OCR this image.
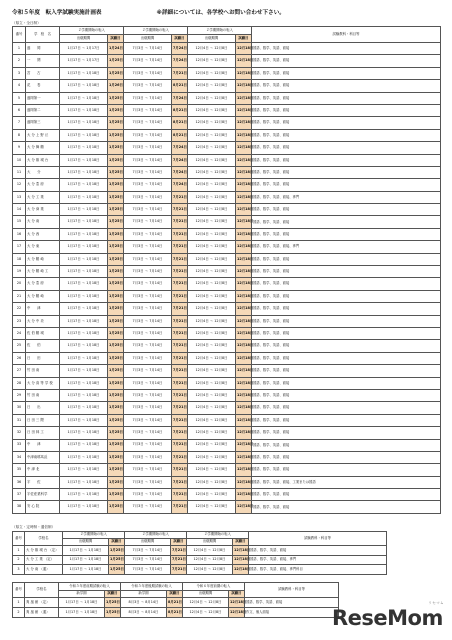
令和５年度　転入学試験実施計画表	※詳細については、各学校へお問い合わせ下さい。
（県立・全日制）
番号	学　校　名	２学期開始の転入		２学期開始の転入		２学期開始の転入		試験教科・科目等
		出願期間	試験日	出願期間	試験日	出願期間	試験日	
1	盛　　岡	1月17日 ～ 1月17日	1月24日	7月3日 ～ 7月14日	7月24日	12月4日 ～ 12月8日	12月18日	国語、数学、英語、面接
2	一　　関	1月17日 ～ 1月17日	1月25日	7月3日 ～ 7月14日	7月24日	12月4日 ～ 12月8日	12月18日	国語、数学、英語、面接
3	宮　　古	1月17日 ～ 1月18日	1月25日	7月3日 ～ 7月14日	7月21日	12月4日 ～ 12月8日	12月18日	国語、数学、英語、面接
4	花　　巻	1月17日 ～ 1月18日	1月26日	7月3日 ～ 7月14日	8月21日	12月4日 ～ 12月8日	12月18日	国語、数学、英語、面接
5	盛岡第一	1月17日 ～ 1月18日	1月25日	7月3日 ～ 7月14日	7月24日	12月4日 ～ 12月8日	12月18日	国語、数学、英語、面接
6	盛岡第二	1月17日 ～ 1月18日	1月25日	7月3日 ～ 7月14日	8月21日	12月4日 ～ 12月8日	12月18日	国語、数学、英語、面接
7	盛岡第三	1月17日 ～ 1月18日	1月25日	7月3日 ～ 7月14日	8月21日	12月4日 ～ 12月8日	12月18日	国語、数学、英語、面接
8	大 分 上 野 丘	1月17日 ～ 1月18日	1月25日	7月3日 ～ 7月14日	8月21日	12月4日 ～ 12月8日	12月18日	国語、数学、英語、面接
9	大 分 舞 鶴	1月17日 ～ 1月18日	1月25日	7月3日 ～ 7月14日	7月24日	12月4日 ～ 12月8日	12月18日	国語、数学、英語、面接
10	大 分 雄 城 台	1月17日 ～ 1月18日	1月25日	7月3日 ～ 7月14日	7月24日	12月4日 ～ 12月8日	12月18日	国語、数学、英語、面接
11	大　　分	1月17日 ～ 1月18日	1月25日	7月3日 ～ 7月14日	7月24日	12月4日 ～ 12月8日	12月18日	国語、数学、英語、面接
12	大 分 豊 府	1月17日 ～ 1月18日	1月25日	7月3日 ～ 7月14日	7月24日	12月4日 ～ 12月8日	12月18日	国語、数学、英語、面接
13	大 分 工 業	1月17日 ～ 1月18日	1月25日	7月3日 ～ 7月14日	7月21日	12月4日 ～ 12月8日	12月18日	国語、数学、英語、面接、専門
14	大 分 商 業	1月17日 ～ 1月18日	1月25日	7月3日 ～ 7月14日	7月21日	12月4日 ～ 12月8日	12月18日	国語、数学、英語、面接
15	大 分 南	1月17日 ～ 1月18日	1月25日	7月3日 ～ 7月14日	7月21日	12月4日 ～ 12月8日	12月18日	国語、数学、英語、面接
16	大 分 西	1月17日 ～ 1月18日	1月25日	7月3日 ～ 7月14日	7月21日	12月4日 ～ 12月8日	12月18日	国語、数学、英語、面接
17	大 分 東	1月17日 ～ 1月18日	1月25日	7月3日 ～ 7月14日	7月21日	12月4日 ～ 12月8日	12月18日	国語、数学、英語、面接、専門
18	大 分 鶴 崎	1月17日 ～ 1月18日	1月25日	7月3日 ～ 7月14日	7月21日	12月4日 ～ 12月8日	12月18日	国語、数学、英語、面接
19	大 分 鶴 崎 工	1月17日 ～ 1月18日	1月25日	7月3日 ～ 7月14日	7月21日	12月4日 ～ 12月8日	12月18日	国語、数学、英語、面接
20	大 分 豊 府	1月17日 ～ 1月18日	1月25日	7月3日 ～ 7月14日	7月21日	12月4日 ～ 12月8日	12月18日	国語、数学、英語、面接
21	大 分 鶴 崎	1月17日 ～ 1月18日	1月25日	7月3日 ～ 7月14日	7月21日	12月4日 ～ 12月8日	12月18日	国語、数学、英語、面接
22	中　　津	1月17日 ～ 1月18日	1月25日	7月3日 ～ 7月14日	7月21日	12月4日 ～ 12月8日	12月18日	国語、数学、英語、面接
23	大 分 中 央	1月17日 ～ 1月18日	1月25日	7月3日 ～ 7月14日	7月21日	12月4日 ～ 12月8日	12月18日	国語、数学、英語、面接
24	佐 伯 鶴 城	1月17日 ～ 1月18日	1月25日	7月3日 ～ 7月14日	7月21日	12月4日 ～ 12月8日	12月18日	国語、数学、英語、面接
25	佐　　伯	1月17日 ～ 1月18日	1月25日	7月3日 ～ 7月14日	7月21日	12月4日 ～ 12月8日	12月18日	国語、数学、英語、面接
26	日　　田	1月17日 ～ 1月18日	1月25日	7月3日 ～ 7月14日	7月21日	12月4日 ～ 12月8日	12月18日	国語、数学、英語、面接
27	竹 田 南	1月17日 ～ 1月18日	1月25日	7月3日 ～ 7月14日	7月21日	12月4日 ～ 12月8日	12月18日	国語、数学、英語、面接
28	大 分 高 等 学 校	1月17日 ～ 1月18日	1月25日	7月3日 ～ 7月14日	7月21日	12月4日 ～ 12月8日	12月18日	国語、数学、英語、面接
29	竹 田 南	1月17日 ～ 1月18日	1月25日	7月3日 ～ 7月14日	7月21日	12月4日 ～ 12月8日	12月18日	国語、数学、英語、面接
30	日　　出	1月17日 ～ 1月18日	1月25日	7月3日 ～ 7月14日	7月21日	12月4日 ～ 12月8日	12月18日	国語、数学、英語、面接
31	日 田 三 隈	1月17日 ～ 1月18日	1月25日	7月3日 ～ 7月14日	7月21日	12月4日 ～ 12月8日	12月18日	国語、数学、英語、面接
32	日 田 林 工	1月17日 ～ 1月18日	1月25日	7月3日 ～ 7月14日	7月21日	12月4日 ～ 12月8日	12月18日	国語、数学、英語、面接
33	中　　津	1月17日 ～ 1月18日	1月25日	7月3日 ～ 7月14日	7月21日	12月4日 ～ 12月8日	12月18日	国語、数学、英語、面接
34	中津南耶馬渓	1月17日 ～ 1月18日	1月25日	7月3日 ～ 7月14日	7月21日	12月4日 ～ 12月8日	12月18日	国語、数学、英語、面接
35	中 津 北	1月17日 ～ 1月18日	1月25日	7月3日 ～ 7月14日	7月21日	12月4日 ～ 12月8日	12月18日	国語、数学、英語、面接
36	宇　　佐	1月17日 ～ 1月18日	1月25日	7月3日 ～ 7月14日	7月21日	12月4日 ～ 12月8日	12月18日	国語、数学、英語、面接、工業または国語
37	宇佐産業科学	1月17日 ～ 1月18日	1月25日	7月3日 ～ 7月14日	7月21日	12月4日 ～ 12月8日	12月18日	国語、数学、英語、面接
38	安 心 院	1月17日 ～ 1月18日	1月25日	7月3日 ～ 7月14日	7月21日	12月4日 ～ 12月8日	12月18日	国語、数学、英語、面接
（県立・定時制・通信制）
番号	学校名	２学期開始の転入		２学期開始の転入		２学期開始の転入		試験教科・科目等
		出願期間	試験日	出願期間	試験日	出願期間	試験日	
1	大 分 雄 城 台 （定）	1月17日 ～ 1月18日	1月25日	7月3日 ～ 7月14日	7月21日	12月4日 ～ 12月8日	12月18日	国語、数学、英語、面接
2	大 分 工 業 （定）	1月17日 ～ 1月18日	1月25日	7月3日 ～ 7月14日	7月21日	12月4日 ～ 12月8日	12月18日	国語、数学、英語、面接、専門
3	大 分 南 （通）	1月17日 ～ 1月18日	1月25日	7月3日 ～ 7月14日	7月21日	12月4日 ～ 12月8日	12月18日	国語、数学、英語、面接、専門科目
番号	学校名	令和５年度前期試験の転入		令和５年度後期試験の転入		令和６年度前期の転入		試験教科・科目等
		新学期	試験日	新学期	試験日	出願期間	試験日	
1	爽 風 館 （定）	1月17日 ～ 1月18日	1月25日	8月3日 ～ 8月14日	8月21日	12月4日 ～ 12月8日	12月18日	国語、数学、英語、面接
2	爽 風 館 （通）	1月17日 ～ 1月18日	1月25日	8月3日 ～ 8月14日	8月21日	12月4日 ～ 12月8日	12月18日	作文、個人面接
リセマム
ReseMom
